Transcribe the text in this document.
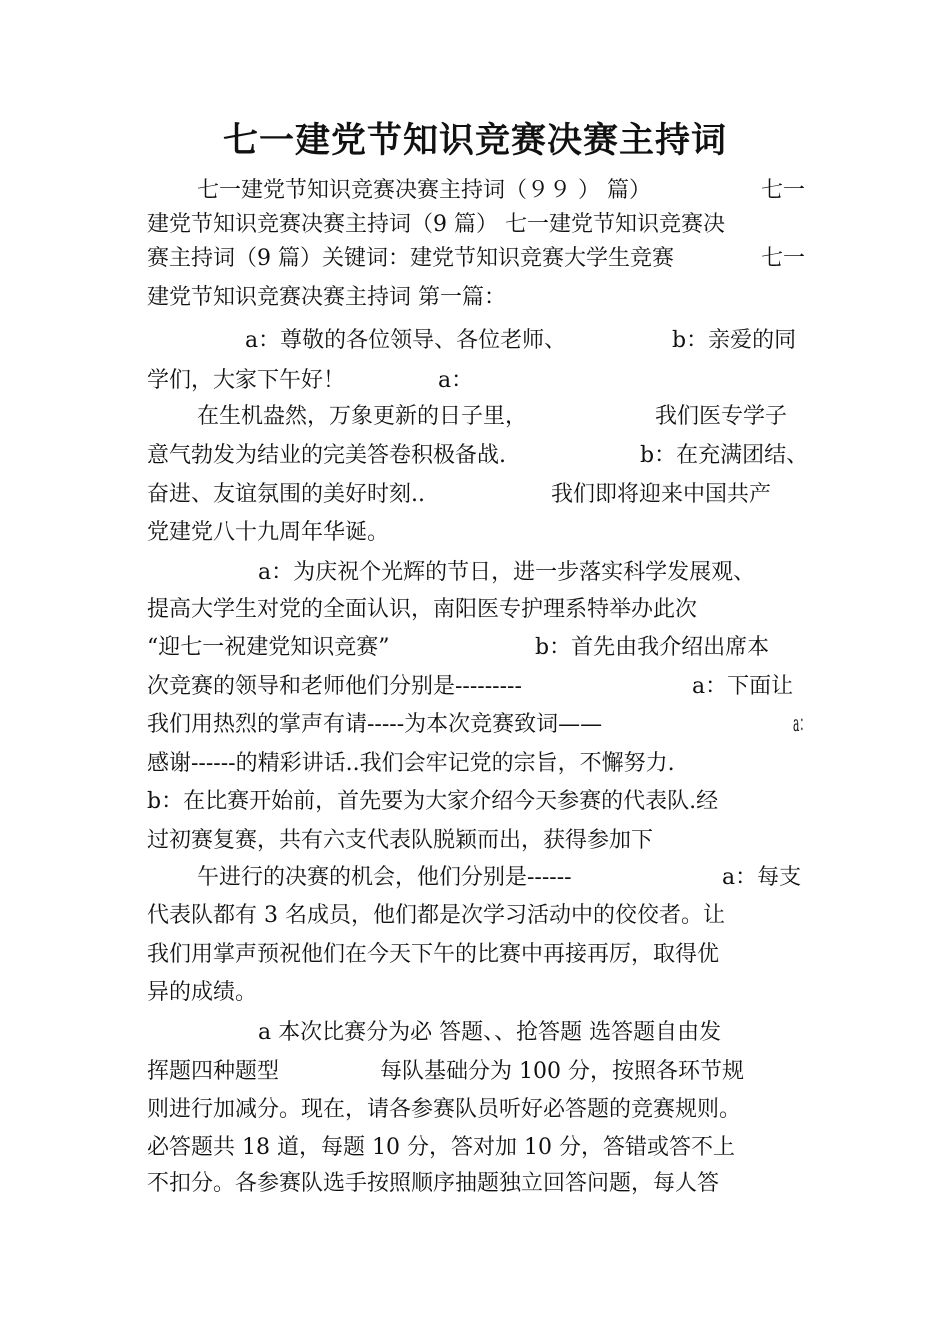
七一建党节知识竞赛决赛主持词

七一建党节知识竞赛决赛主持词（９９ ） 篇）

	七一

建党节知识竞赛决赛主持词（9 篇） 七一建党节知识竞赛决

赛主持词（9 篇）关键词：建党节知识竞赛大学生竞赛

	七一

建党节知识竞赛决赛主持词 第一篇：

a：尊敬的各位领导、各位老师、

	b：亲爱的同

学们，大家下午好！

	a：

在生机盎然，万象更新的日子里，

	我们医专学子

意气勃发为结业的完美答卷积极备战.

	b：在充满团结、

奋进、友谊氛围的美好时刻..

	我们即将迎来中国共产

党建党八十九周年华诞。

a：为庆祝个光辉的节日，进一步落实科学发展观、

提高大学生对党的全面认识，南阳医专护理系特举办此次

“迎七一祝建党知识竞赛”

	b：首先由我介绍出席本

次竞赛的领导和老师他们分别是---------

	a：下面让

我们用热烈的掌声有请-----为本次竞赛致词——

	a：

感谢------的精彩讲话..我们会牢记党的宗旨，不懈努力.

b：在比赛开始前，首先要为大家介绍今天参赛的代表队.经

过初赛复赛，共有六支代表队脱颖而出，获得参加下

午进行的决赛的机会，他们分别是------

	a：每支

代表队都有 3 名成员，他们都是次学习活动中的佼佼者。让

我们用掌声预祝他们在今天下午的比赛中再接再厉，取得优

异的成绩。

a 本次比赛分为必 答题、、抢答题 选答题自由发

挥题四种题型

	每队基础分为 100 分，按照各环节规

则进行加减分。现在，请各参赛队员听好必答题的竞赛规则。

必答题共 18 道，每题 10 分，答对加 10 分，答错或答不上

不扣分。各参赛队选手按照顺序抽题独立回答问题，每人答
